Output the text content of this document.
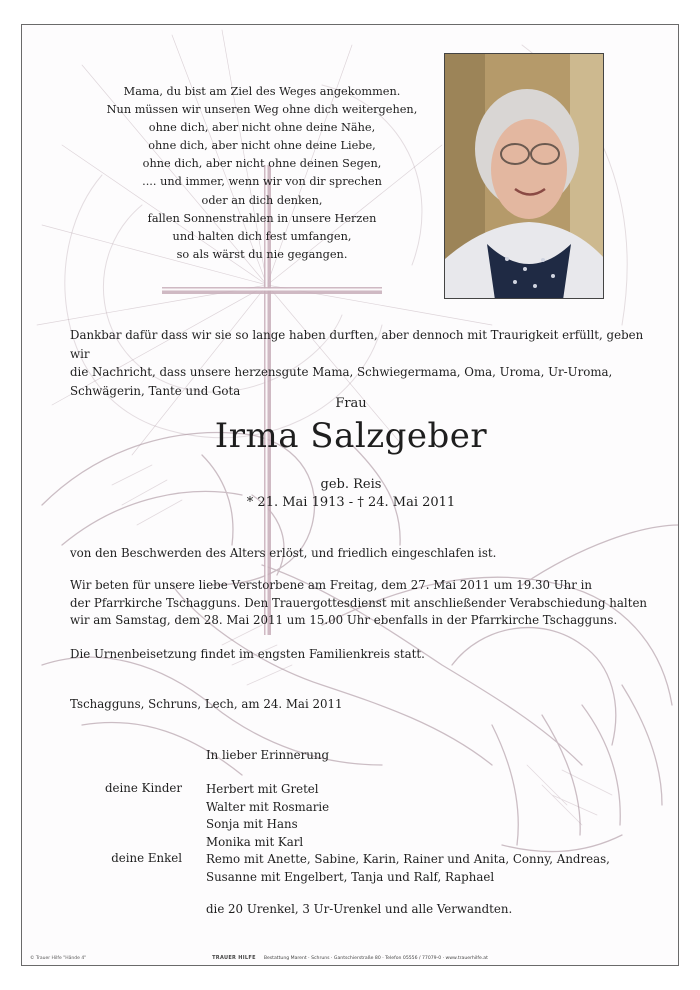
Mama, du bist am Ziel des Weges angekommen.
Nun müssen wir unseren Weg ohne dich weitergehen,
ohne dich, aber nicht ohne deine Nähe,
ohne dich, aber nicht ohne deine Liebe,
ohne dich, aber nicht ohne deinen Segen,
.... und immer, wenn wir von dir sprechen
oder an dich denken,
fallen Sonnenstrahlen in unsere Herzen
und halten dich fest umfangen,
so als wärst du nie gegangen.
Dankbar dafür dass wir sie so lange haben durften, aber dennoch mit Traurigkeit erfüllt, geben wir
die Nachricht, dass unsere herzensgute Mama, Schwiegermama, Oma, Uroma, Ur-Uroma,
Schwägerin, Tante und Gota
Frau
Irma Salzgeber
geb. Reis
* 21. Mai 1913 - † 24. Mai 2011
von den Beschwerden des Alters erlöst, und friedlich eingeschlafen ist.
Wir beten für unsere liebe Verstorbene am Freitag, dem 27. Mai 2011 um 19.30 Uhr in
der Pfarrkirche Tschagguns. Den Trauergottesdienst mit anschließender Verabschiedung halten
wir am Samstag, dem 28. Mai 2011 um 15.00 Uhr ebenfalls in der Pfarrkirche Tschagguns.
Die Urnenbeisetzung findet im engsten Familienkreis statt.
Tschagguns, Schruns, Lech, am 24. Mai 2011
In lieber Erinnerung
deine Kinder Herbert mit Gretel
Walter mit Rosmarie
Sonja mit Hans
Monika mit Karl
deine Enkel Remo mit Anette, Sabine, Karin, Rainer und Anita, Conny, Andreas,
Susanne mit Engelbert, Tanja und Ralf, Raphael
die 20 Urenkel, 3 Ur-Urenkel und alle Verwandten.
© Trauer Hilfe "Hände 4"	TRAUER HILFE Bestattung Marent · Schruns · Gantschierstraße 80 · Telefon 05556 / 77079-0 · www.trauerhilfe.at
